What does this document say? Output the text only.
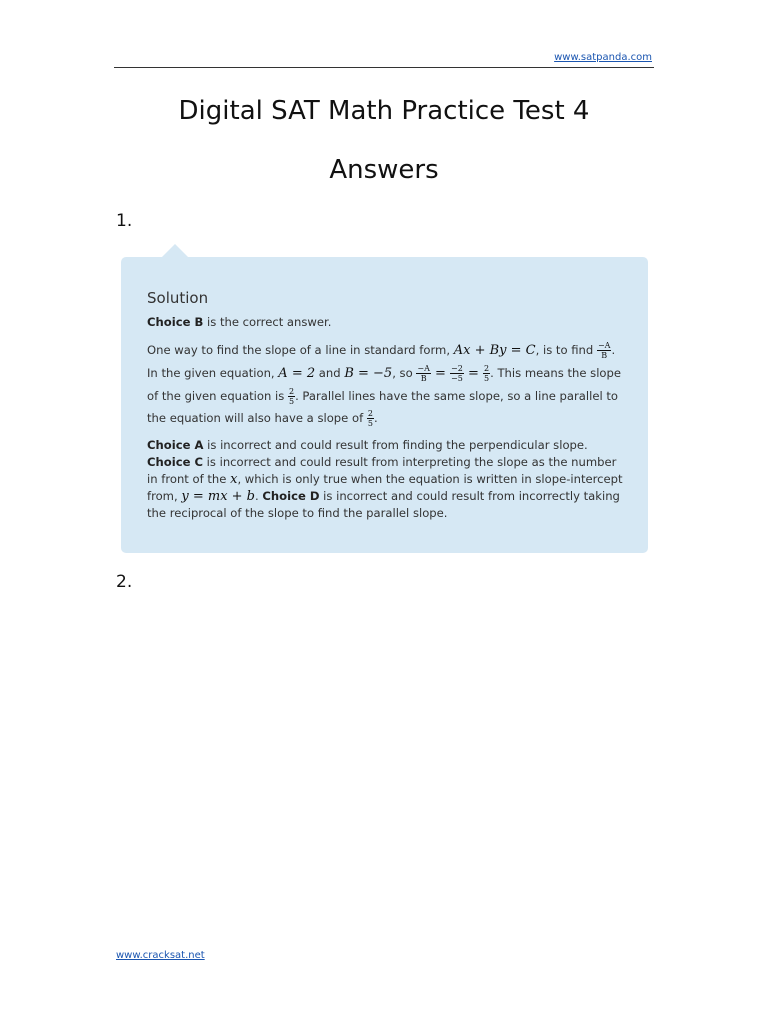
www.satpanda.com
Digital SAT Math Practice Test 4
Answers
1.
Solution

Choice B is the correct answer.

One way to find the slope of a line in standard form, Ax + By = C, is to find $\frac{-A}{B}$ . In the given equation, A = 2 and B = −5, so $\frac{-A}{B} = \frac{-2}{-5} = \frac{2}{5}$ . This means the slope of the given equation is $\frac{2}{5}$ . Parallel lines have the same slope, so a line parallel to the equation will also have a slope of $\frac{2}{5}$ .

Choice A is incorrect and could result from finding the perpendicular slope. Choice C is incorrect and could result from interpreting the slope as the number in front of the x, which is only true when the equation is written in slope-intercept from, y = mx + b. Choice D is incorrect and could result from incorrectly taking the reciprocal of the slope to find the parallel slope.

2.
www.cracksat.net
